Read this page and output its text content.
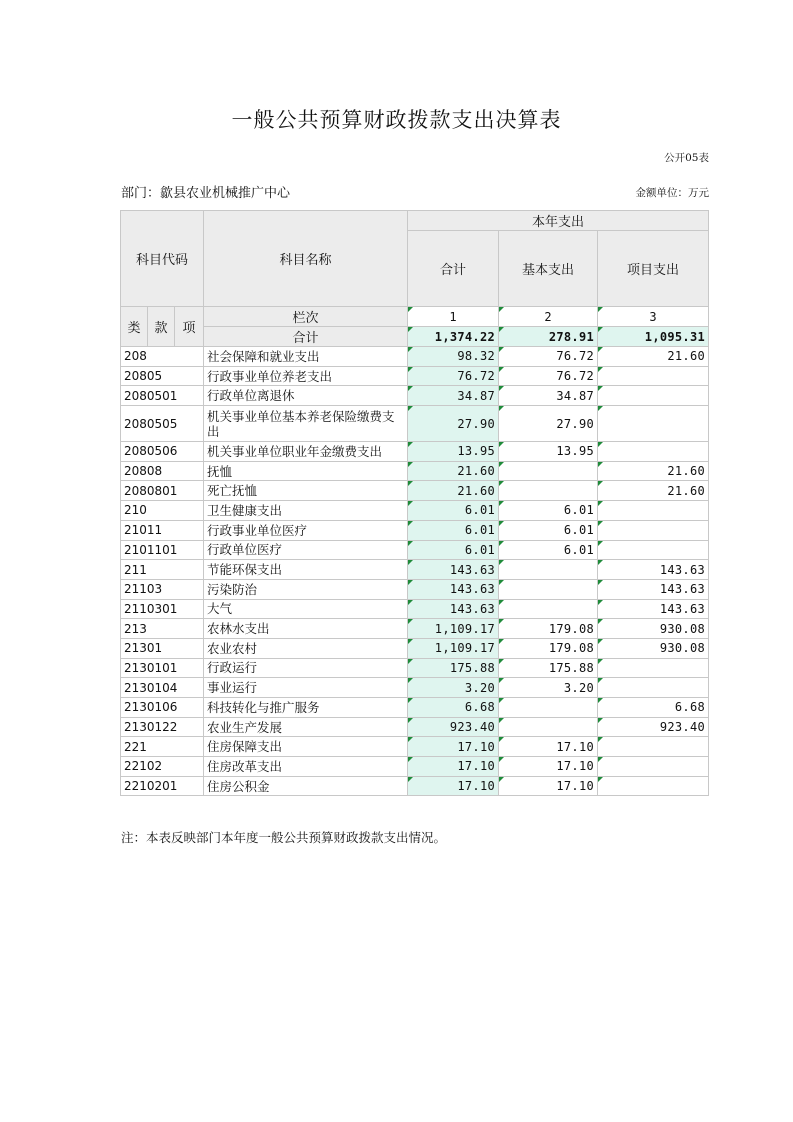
一般公共预算财政拨款支出决算表
公开05表
部门：歙县农业机械推广中心	金额单位：万元
科目代码			科目名称	本年支出		
				合计	基本支出	项目支出
类	款	项	栏次	1	2	3
			合计	1,374.22	278.91	1,095.31
208			社会保障和就业支出	98.32	76.72	21.60
20805			行政事业单位养老支出	76.72	76.72	
2080501			行政单位离退休	34.87	34.87	
2080505			机关事业单位基本养老保险缴费支出	27.90	27.90	
2080506			机关事业单位职业年金缴费支出	13.95	13.95	
20808			抚恤	21.60		21.60
2080801			死亡抚恤	21.60		21.60
210			卫生健康支出	6.01	6.01	
21011			行政事业单位医疗	6.01	6.01	
2101101			行政单位医疗	6.01	6.01	
211			节能环保支出	143.63		143.63
21103			污染防治	143.63		143.63
2110301			大气	143.63		143.63
213			农林水支出	1,109.17	179.08	930.08
21301			农业农村	1,109.17	179.08	930.08
2130101			行政运行	175.88	175.88	
2130104			事业运行	3.20	3.20	
2130106			科技转化与推广服务	6.68		6.68
2130122			农业生产发展	923.40		923.40
221			住房保障支出	17.10	17.10	
22102			住房改革支出	17.10	17.10	
2210201			住房公积金	17.10	17.10	
注：本表反映部门本年度一般公共预算财政拨款支出情况。
